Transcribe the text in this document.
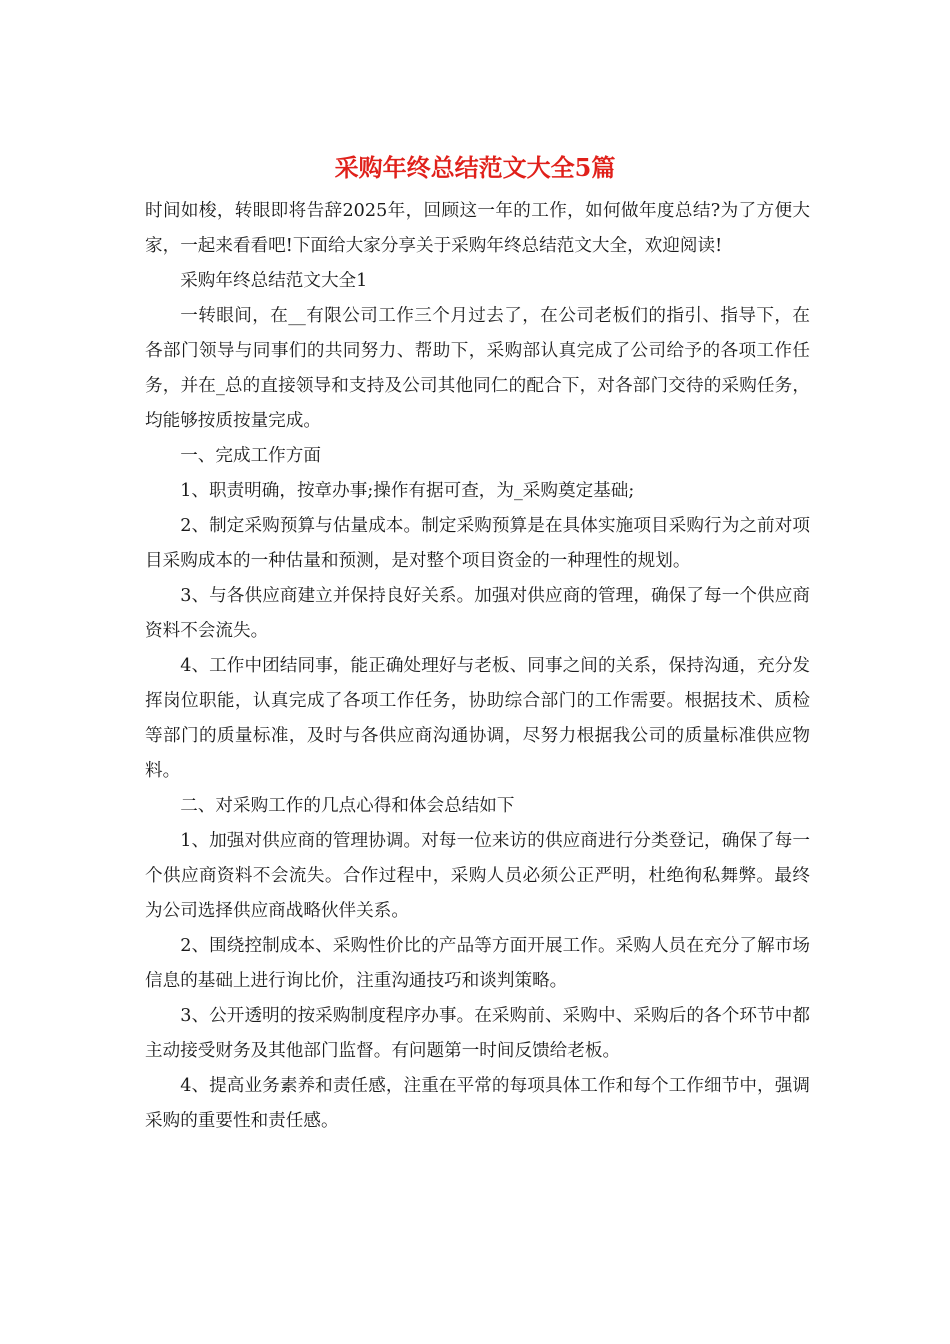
采购年终总结范文大全5篇

时间如梭，转眼即将告辞2025年，回顾这一年的工作，如何做年度总结?为了方便大家，一起来看看吧!下面给大家分享关于采购年终总结范文大全，欢迎阅读!

采购年终总结范文大全1

一转眼间，在__有限公司工作三个月过去了，在公司老板们的指引、指导下，在各部门领导与同事们的共同努力、帮助下，采购部认真完成了公司给予的各项工作任务，并在_总的直接领导和支持及公司其他同仁的配合下，对各部门交待的采购任务，均能够按质按量完成。

一、完成工作方面

1、职责明确，按章办事;操作有据可查，为_采购奠定基础;

2、制定采购预算与估量成本。制定采购预算是在具体实施项目采购行为之前对项目采购成本的一种估量和预测，是对整个项目资金的一种理性的规划。

3、与各供应商建立并保持良好关系。加强对供应商的管理，确保了每一个供应商资料不会流失。

4、工作中团结同事，能正确处理好与老板、同事之间的关系，保持沟通，充分发挥岗位职能，认真完成了各项工作任务，协助综合部门的工作需要。根据技术、质检等部门的质量标准，及时与各供应商沟通协调，尽努力根据我公司的质量标准供应物料。

二、对采购工作的几点心得和体会总结如下

1、加强对供应商的管理协调。对每一位来访的供应商进行分类登记，确保了每一个供应商资料不会流失。合作过程中，采购人员必须公正严明，杜绝徇私舞弊。最终为公司选择供应商战略伙伴关系。

2、围绕控制成本、采购性价比的产品等方面开展工作。采购人员在充分了解市场信息的基础上进行询比价，注重沟通技巧和谈判策略。

3、公开透明的按采购制度程序办事。在采购前、采购中、采购后的各个环节中都主动接受财务及其他部门监督。有问题第一时间反馈给老板。

4、提高业务素养和责任感，注重在平常的每项具体工作和每个工作细节中，强调采购的重要性和责任感。
